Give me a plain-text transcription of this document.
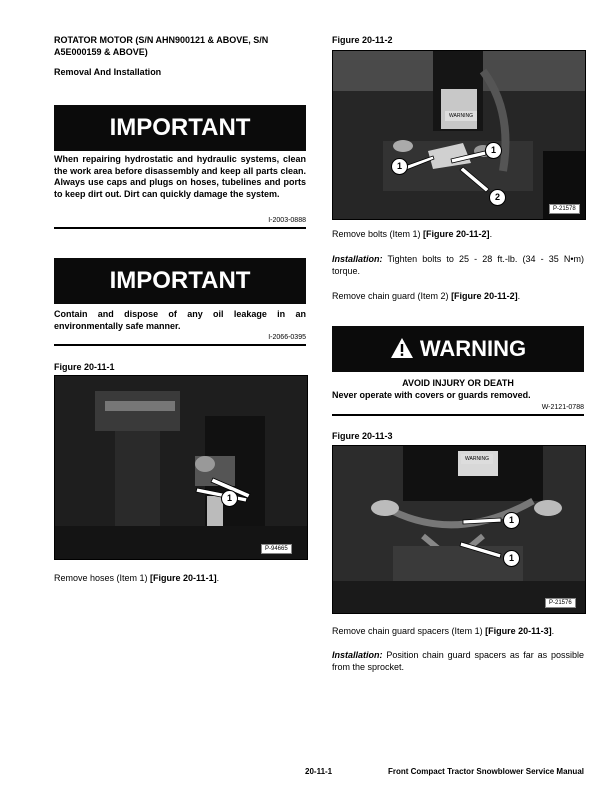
ROTATOR MOTOR (S/N AHN900121 & ABOVE, S/N A5E000159 & ABOVE)
Removal And Installation
IMPORTANT
When repairing hydrostatic and hydraulic systems, clean the work area before disassembly and keep all parts clean. Always use caps and plugs on hoses, tubelines and ports to keep dirt out. Dirt can quickly damage the system.
I-2003-0888
IMPORTANT
Contain and dispose of any oil leakage in an environmentally safe manner.
I-2066-0395
Figure 20-11-1
1
P-94665
Remove hoses (Item 1) [Figure 20-11-1].
Figure 20-11-2
WARNING
1
1
2
P-21578
Remove bolts (Item 1) [Figure 20-11-2].
Installation: Tighten bolts to 25 - 28 ft.-lb. (34 - 35 N•m) torque.
Remove chain guard (Item 2) [Figure 20-11-2].
WARNING
AVOID INJURY OR DEATH
Never operate with covers or guards removed.
W-2121-0788
Figure 20-11-3
WARNING
1
1
P-21576
Remove chain guard spacers (Item 1) [Figure 20-11-3].
Installation: Position chain guard spacers as far as possible from the sprocket.
20-11-1	Front Compact Tractor Snowblower Service Manual
